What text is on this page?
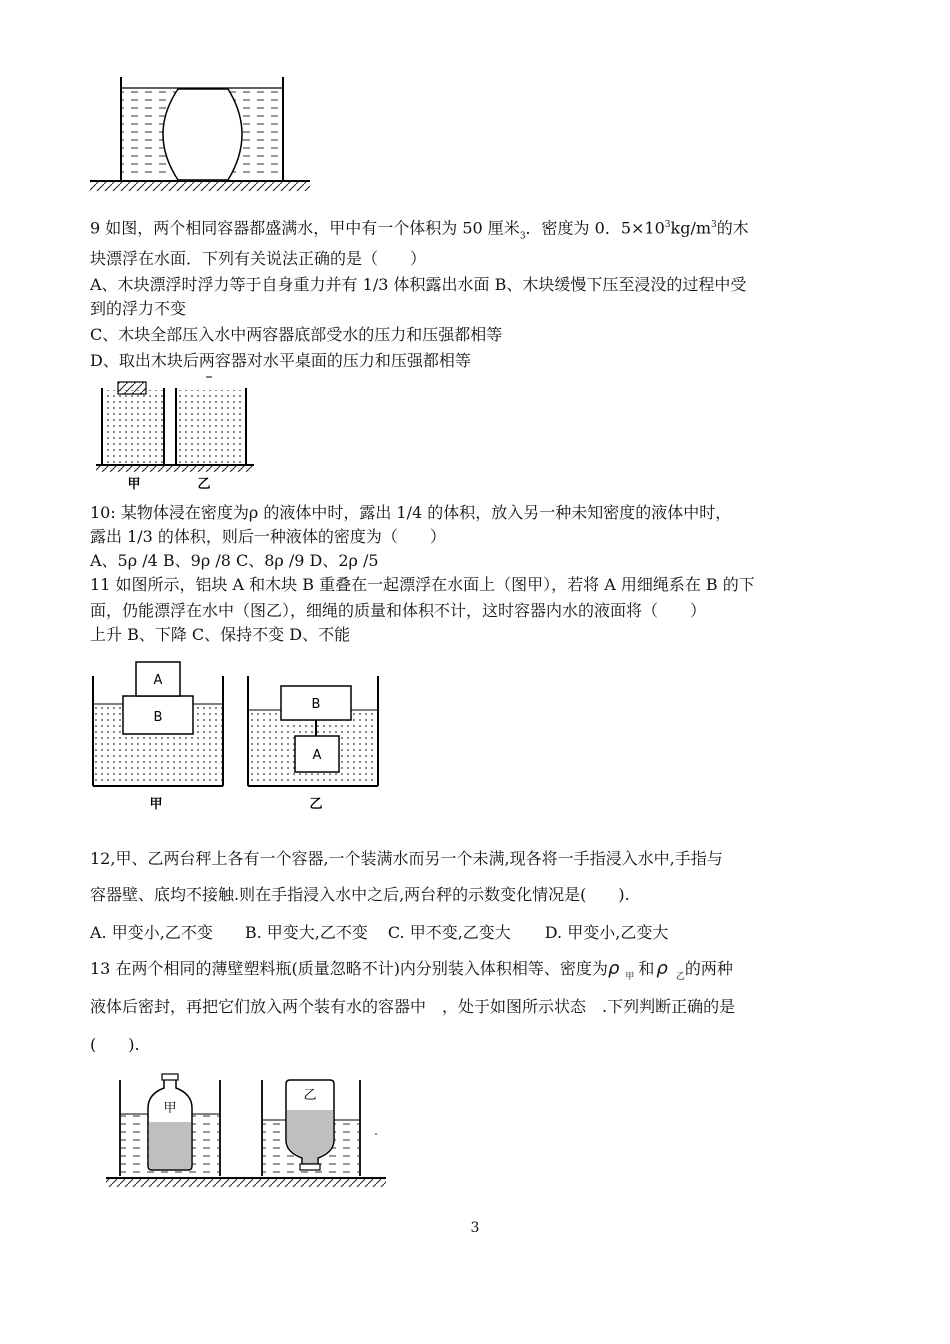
9 如图，两个相同容器都盛满水，甲中有一个体积为 50 厘米$_3$．密度为 0．$5\times 10^3kg/m^3$的木
块漂浮在水面．下列有关说法正确的是（　　）
A、木块漂浮时浮力等于自身重力并有 1/3 体积露出水面 B、木块缓慢下压至浸没的过程中受
到的浮力不变
C、木块全部压入水中两容器底部受水的压力和压强都相等
D、取出木块后两容器对水平桌面的压力和压强都相等
甲	乙
10: 某物体浸在密度为ρ 的液体中时，露出 1/4 的体积，放入另一种未知密度的液体中时，
露出 1/3 的体积，则后一种液体的密度为（　　）
A、5ρ /4 B、9ρ /8 C、8ρ /9 D、2ρ /5
11 如图所示，铝块 A 和木块 B 重叠在一起漂浮在水面上（图甲），若将 A 用细绳系在 B 的下
面，仍能漂浮在水中（图乙），细绳的质量和体积不计，这时容器内水的液面将（　　）
上升 B、下降 C、保持不变 D、不能
A
B
甲
B
A
乙
12,甲、乙两台秤上各有一个容器,一个装满水而另一个未满,现各将一手指浸入水中,手指与
容器壁、底均不接触.则在手指浸入水中之后,两台秤的示数变化情况是(　　).
A. 甲变小,乙不变 B. 甲变大,乙不变 C. 甲不变,乙变大 D. 甲变小,乙变大
13 在两个相同的薄壁塑料瓶(质量忽略不计)内分别装入体积相等、密度为ρ $_甲$ 和 ρ $_乙$的两种
液体后密封，再把它们放入两个装有水的容器中　，处于如图所示状态　.下列判断正确的是
(　　).
甲
乙
3
